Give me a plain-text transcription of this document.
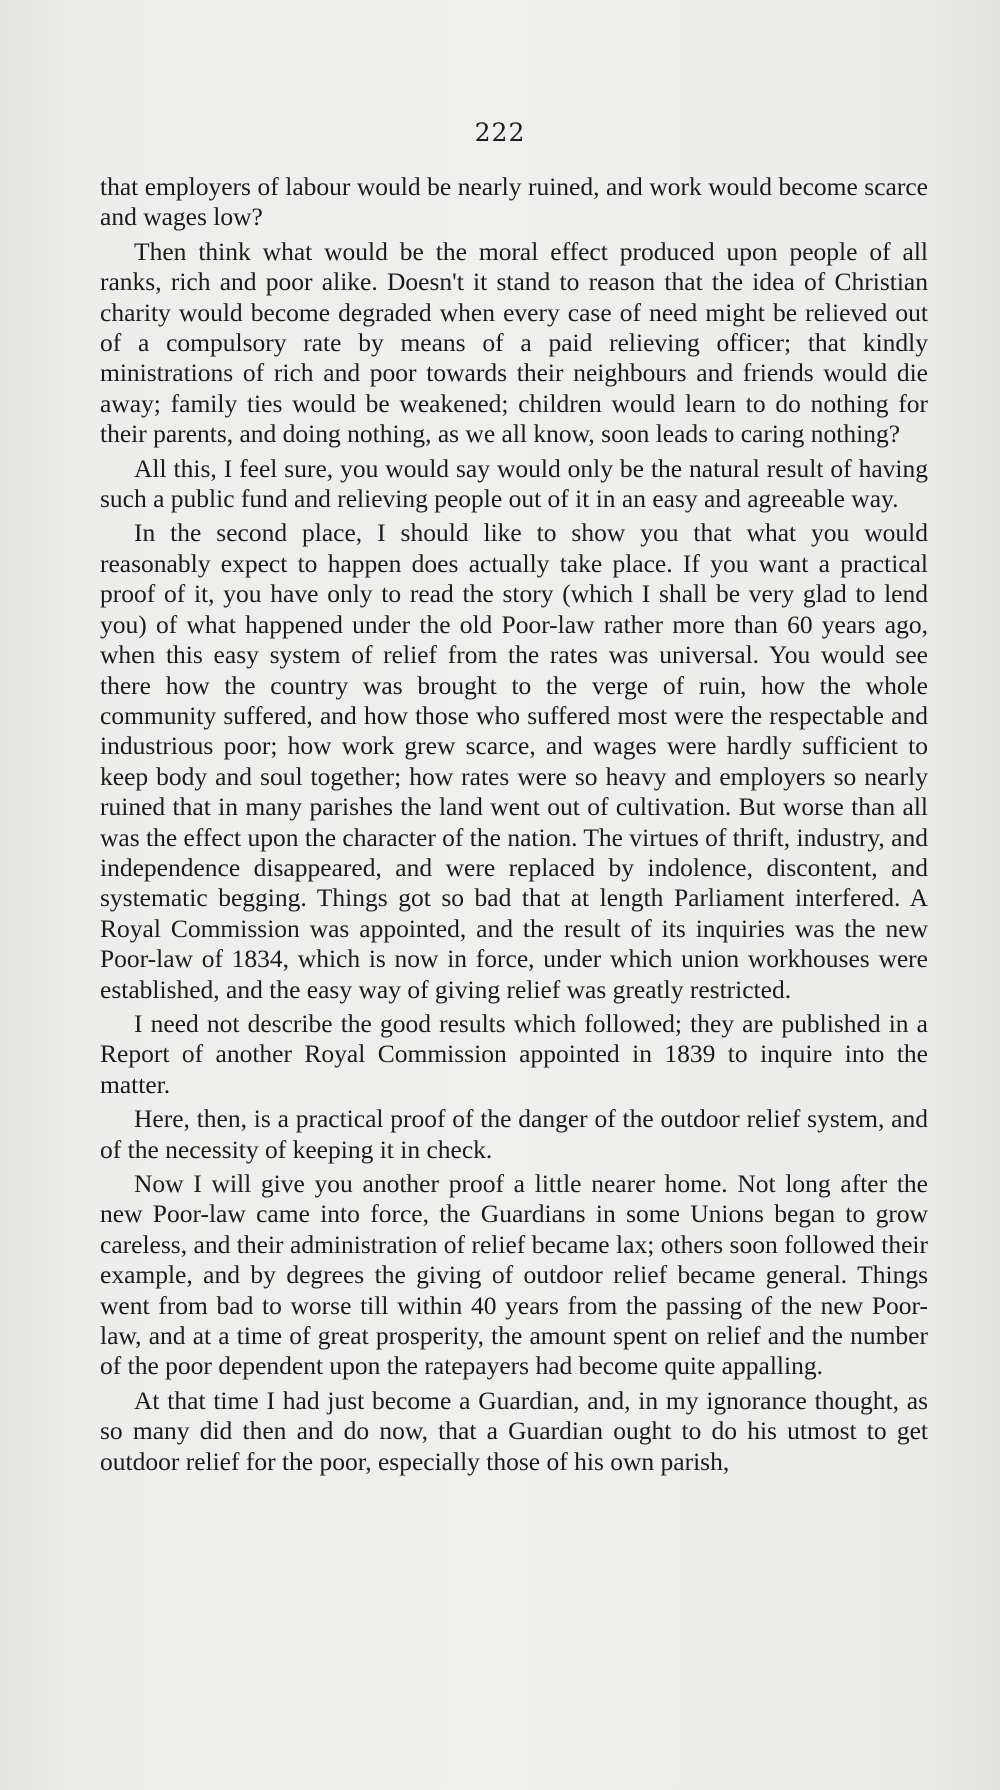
222

that employers of labour would be nearly ruined, and work would become scarce and wages low?

Then think what would be the moral effect produced upon people of all ranks, rich and poor alike. Doesn't it stand to reason that the idea of Christian charity would become degraded when every case of need might be relieved out of a compulsory rate by means of a paid relieving officer; that kindly ministrations of rich and poor towards their neighbours and friends would die away; family ties would be weakened; children would learn to do nothing for their parents, and doing nothing, as we all know, soon leads to caring nothing?

All this, I feel sure, you would say would only be the natural result of having such a public fund and relieving people out of it in an easy and agreeable way.

In the second place, I should like to show you that what you would reasonably expect to happen does actually take place. If you want a practical proof of it, you have only to read the story (which I shall be very glad to lend you) of what happened under the old Poor-law rather more than 60 years ago, when this easy system of relief from the rates was universal. You would see there how the country was brought to the verge of ruin, how the whole community suffered, and how those who suffered most were the respectable and industrious poor; how work grew scarce, and wages were hardly sufficient to keep body and soul together; how rates were so heavy and employers so nearly ruined that in many parishes the land went out of cultivation. But worse than all was the effect upon the character of the nation. The virtues of thrift, industry, and independence disappeared, and were replaced by indolence, discontent, and systematic begging. Things got so bad that at length Parliament interfered. A Royal Commission was appointed, and the result of its inquiries was the new Poor-law of 1834, which is now in force, under which union workhouses were established, and the easy way of giving relief was greatly restricted.

I need not describe the good results which followed; they are published in a Report of another Royal Commission appointed in 1839 to inquire into the matter.

Here, then, is a practical proof of the danger of the outdoor relief system, and of the necessity of keeping it in check.

Now I will give you another proof a little nearer home. Not long after the new Poor-law came into force, the Guardians in some Unions began to grow careless, and their administration of relief became lax; others soon followed their example, and by degrees the giving of outdoor relief became general. Things went from bad to worse till within 40 years from the passing of the new Poor-law, and at a time of great prosperity, the amount spent on relief and the number of the poor dependent upon the ratepayers had become quite appalling.

At that time I had just become a Guardian, and, in my ignorance thought, as so many did then and do now, that a Guardian ought to do his utmost to get outdoor relief for the poor, especially those of his own parish,
